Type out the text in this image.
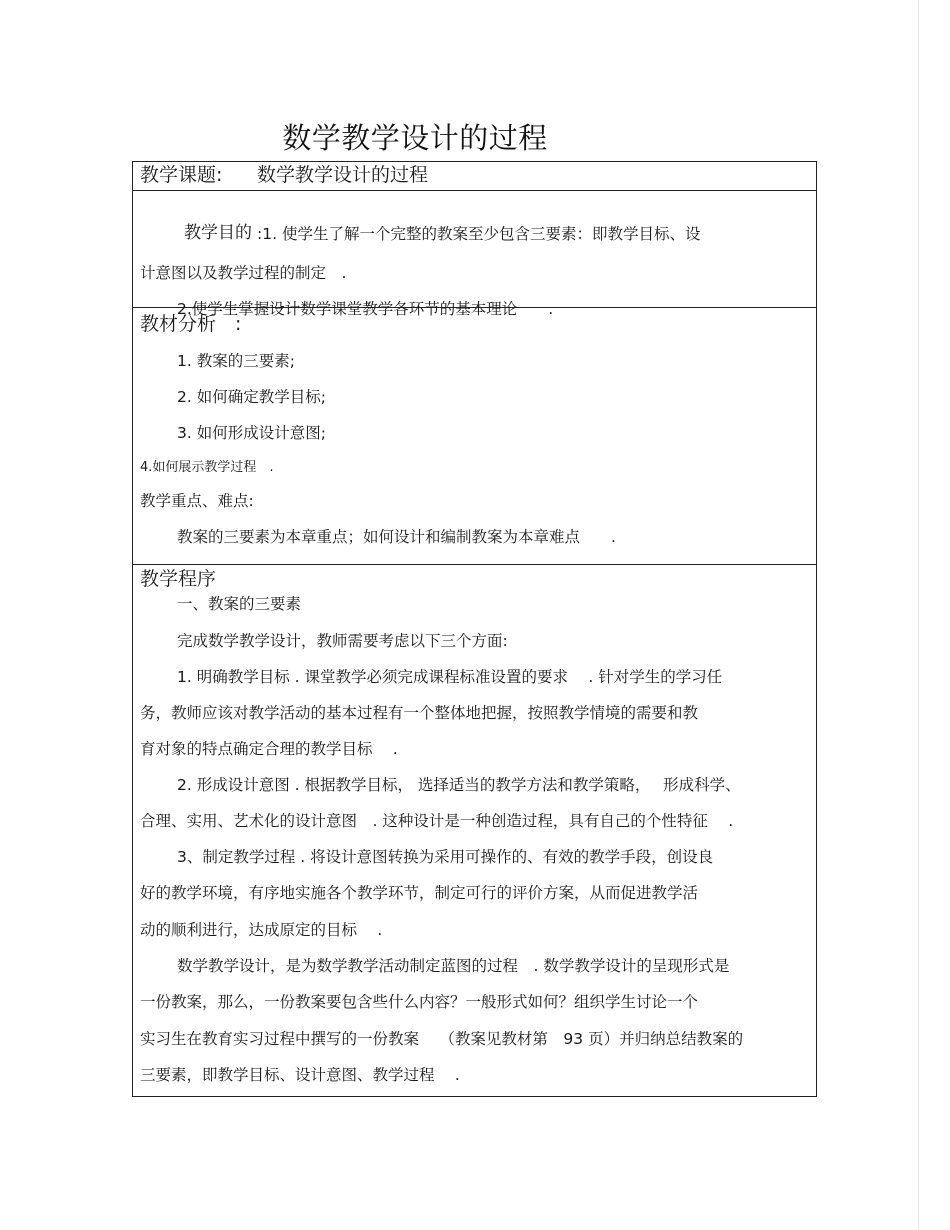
数学教学设计的过程
教学课题: 数学教学设计的过程
教学目的 :1. 使学生了解一个完整的教案至少包含三要素：即教学目标、设
计意图以及教学过程的制定　.
2.使学生掌握设计数学课堂教学各环节的基本理论　　.
教材分析　:
1. 教案的三要素;
2. 如何确定教学目标;
3. 如何形成设计意图;
4.如何展示教学过程　.
教学重点、难点:
教案的三要素为本章重点；如何设计和编制教案为本章难点　　.
教学程序
一、教案的三要素
完成数学教学设计，教师需要考虑以下三个方面:
1. 明确教学目标 . 课堂教学必须完成课程标准设置的要求　 . 针对学生的学习任
务，教师应该对教学活动的基本过程有一个整体地把握，按照教学情境的需要和教
育对象的特点确定合理的教学目标　 .
2. 形成设计意图 . 根据教学目标， 选择适当的教学方法和教学策略，　 形成科学、
合理、实用、艺术化的设计意图　. 这种设计是一种创造过程，具有自己的个性特征　 .
3、制定教学过程 . 将设计意图转换为采用可操作的、有效的教学手段，创设良
好的教学环境，有序地实施各个教学环节，制定可行的评价方案，从而促进教学活
动的顺利进行，达成原定的目标　 .
数学教学设计，是为数学教学活动制定蓝图的过程　. 数学教学设计的呈现形式是
一份教案，那么，一份教案要包含些什么内容？一般形式如何？组织学生讨论一个
实习生在教育实习过程中撰写的一份教案　 （教案见教材第　93 页）并归纳总结教案的
三要素，即教学目标、设计意图、教学过程　 .
